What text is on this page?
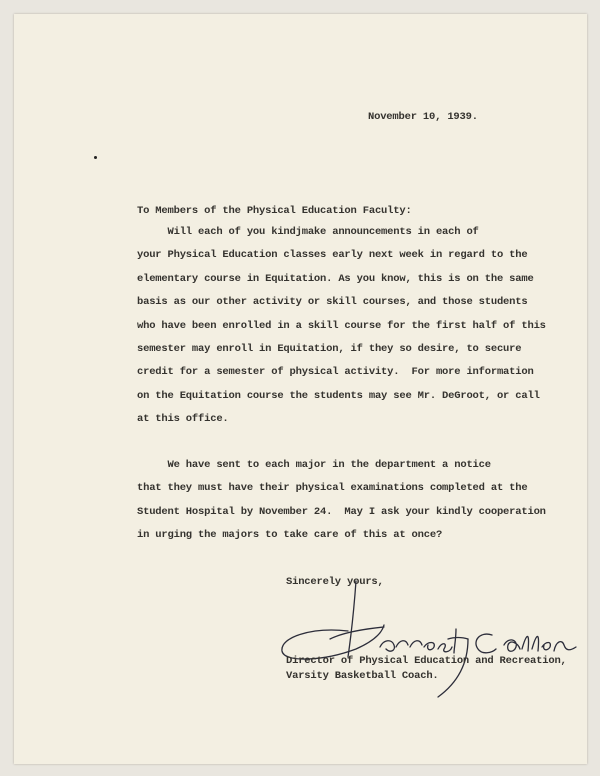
November 10, 1939.

To Members of the Physical Education Faculty:

Will each of you kindjmake announcements in each of
your Physical Education classes early next week in regard to the
elementary course in Equitation. As you know, this is on the same
basis as our other activity or skill courses, and those students
who have been enrolled in a skill course for the first half of this
semester may enroll in Equitation, if they so desire, to secure
credit for a semester of physical activity.  For more information
on the Equitation course the students may see Mr. DeGroot, or call
at this office.
We have sent to each major in the department a notice
that they must have their physical examinations completed at the
Student Hospital by November 24.  May I ask your kindly cooperation
in urging the majors to take care of this at once?

Sincerely yours,

Director of Physical Education and Recreation,
Varsity Basketball Coach.
